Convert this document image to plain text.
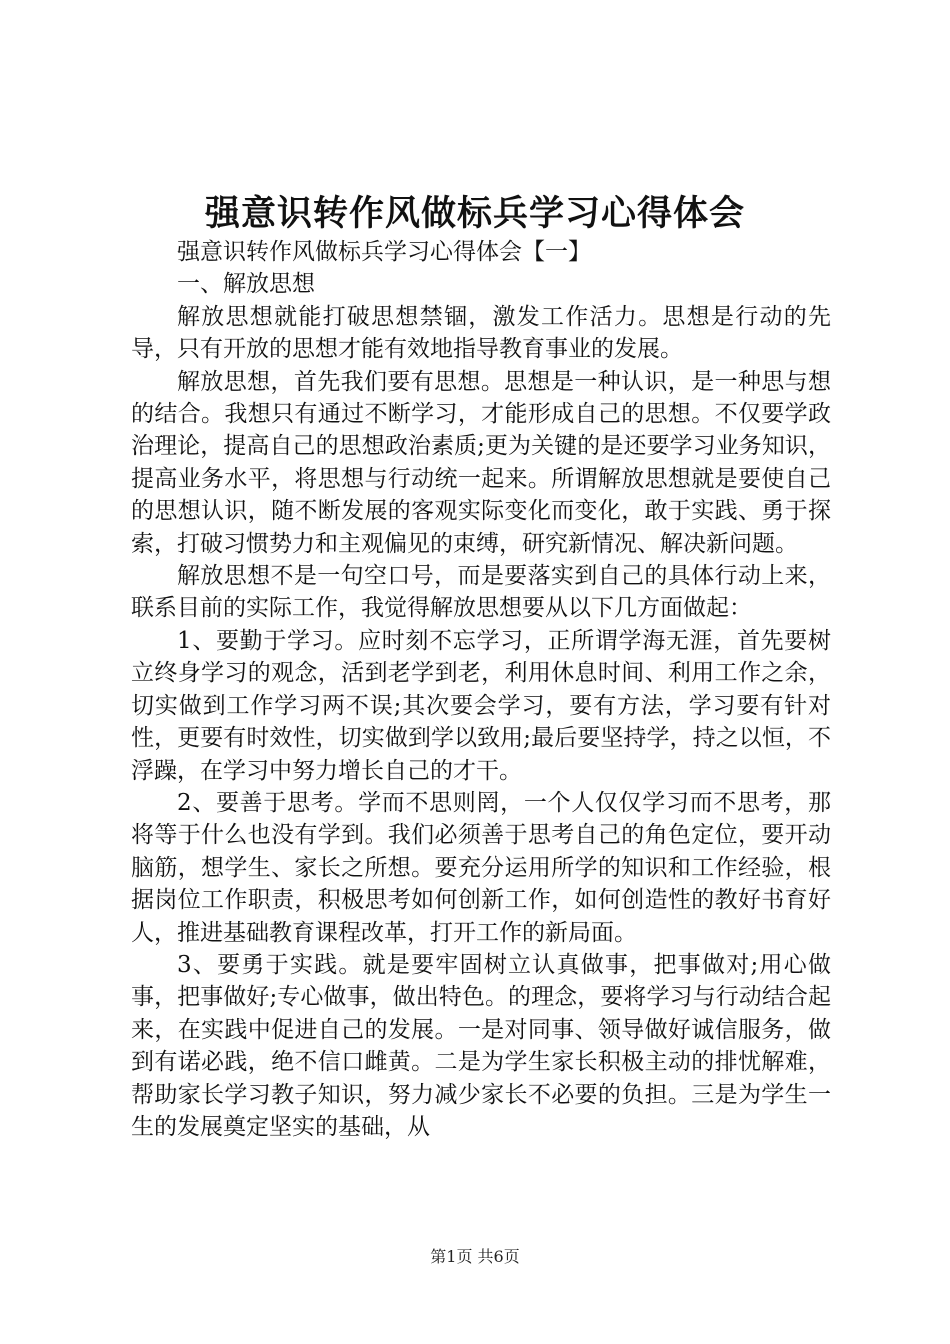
强意识转作风做标兵学习心得体会

强意识转作风做标兵学习心得体会【一】

一、解放思想

解放思想就能打破思想禁锢，激发工作活力。思想是行动的先导，只有开放的思想才能有效地指导教育事业的发展。

解放思想，首先我们要有思想。思想是一种认识，是一种思与想的结合。我想只有通过不断学习，才能形成自己的思想。不仅要学政治理论，提高自己的思想政治素质;更为关键的是还要学习业务知识，提高业务水平，将思想与行动统一起来。所谓解放思想就是要使自己的思想认识，随不断发展的客观实际变化而变化，敢于实践、勇于探索，打破习惯势力和主观偏见的束缚，研究新情况、解决新问题。

解放思想不是一句空口号，而是要落实到自己的具体行动上来，联系目前的实际工作，我觉得解放思想要从以下几方面做起：

1、要勤于学习。应时刻不忘学习，正所谓学海无涯，首先要树立终身学习的观念，活到老学到老，利用休息时间、利用工作之余，切实做到工作学习两不误;其次要会学习，要有方法，学习要有针对性，更要有时效性，切实做到学以致用;最后要坚持学，持之以恒，不浮躁，在学习中努力增长自己的才干。

2、要善于思考。学而不思则罔，一个人仅仅学习而不思考，那将等于什么也没有学到。我们必须善于思考自己的角色定位，要开动脑筋，想学生、家长之所想。要充分运用所学的知识和工作经验，根据岗位工作职责，积极思考如何创新工作，如何创造性的教好书育好人，推进基础教育课程改革，打开工作的新局面。

3、要勇于实践。就是要牢固树立认真做事，把事做对;用心做事，把事做好;专心做事，做出特色。的理念，要将学习与行动结合起来，在实践中促进自己的发展。一是对同事、领导做好诚信服务，做到有诺必践，绝不信口雌黄。二是为学生家长积极主动的排忧解难，帮助家长学习教子知识，努力减少家长不必要的负担。三是为学生一生的发展奠定坚实的基础，从

第1页 共6页
